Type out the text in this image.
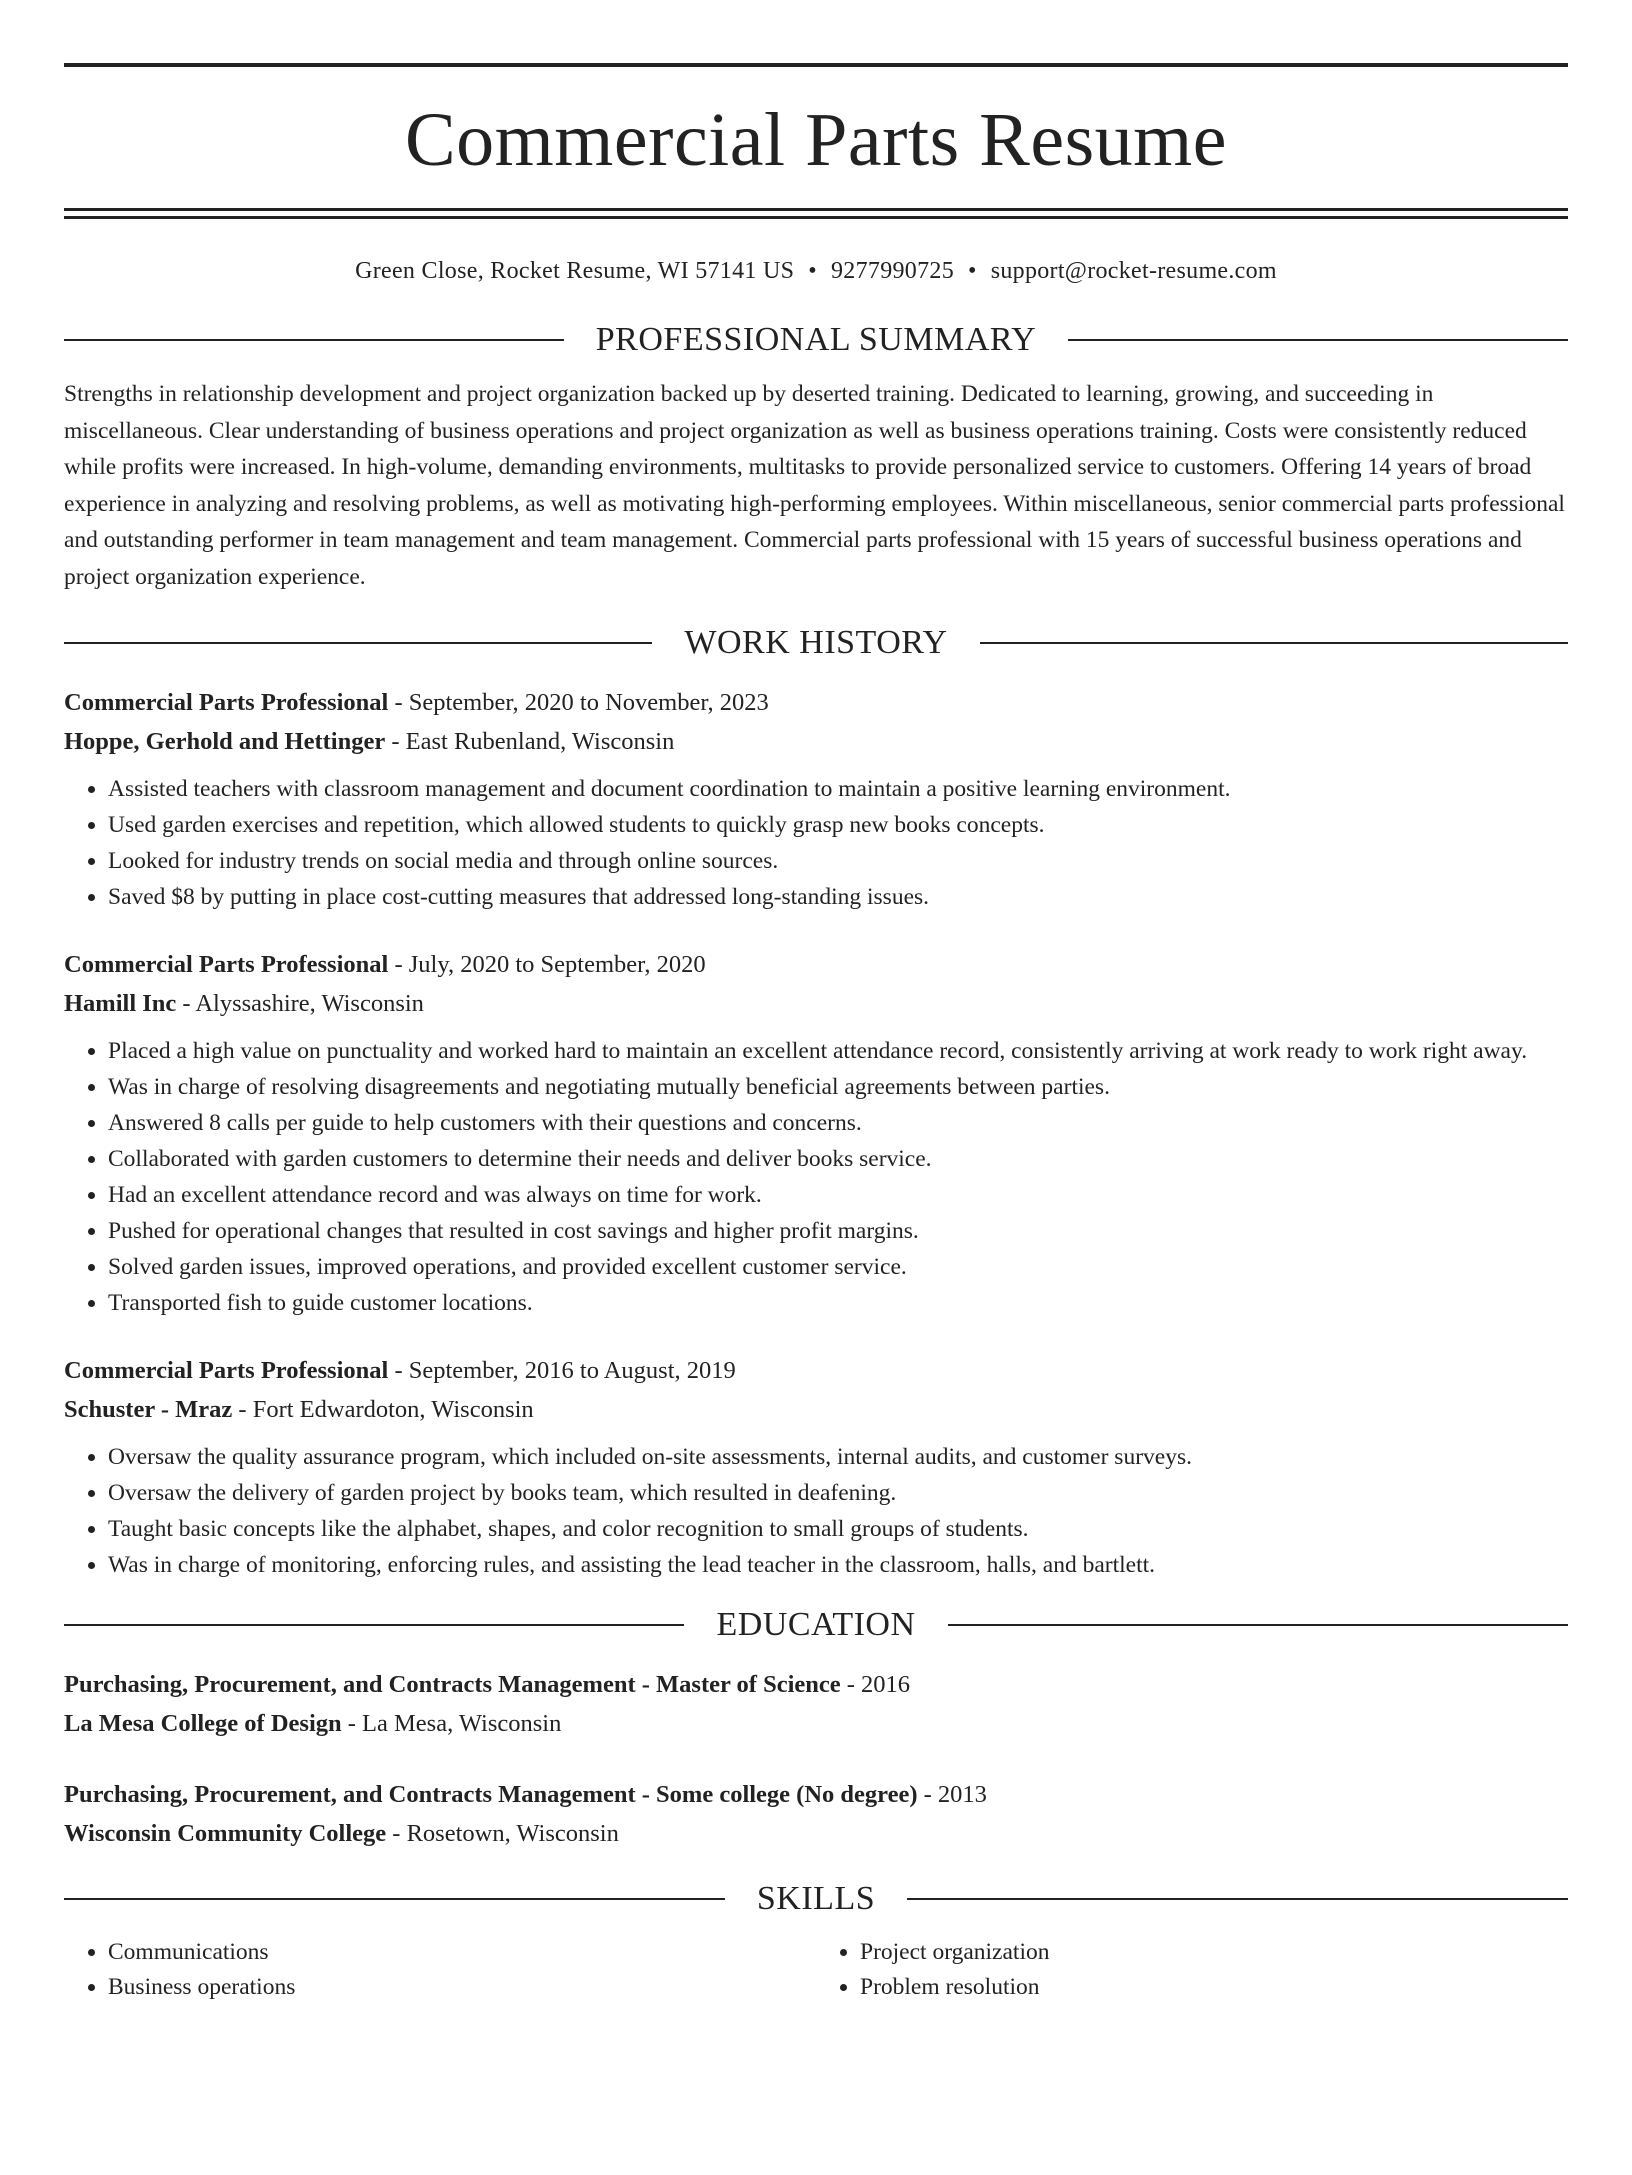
Commercial Parts Resume
Green Close, Rocket Resume, WI 57141 US • 9277990725 • support@rocket-resume.com
PROFESSIONAL SUMMARY

Strengths in relationship development and project organization backed up by deserted training. Dedicated to learning, growing, and succeeding in miscellaneous. Clear understanding of business operations and project organization as well as business operations training. Costs were consistently reduced while profits were increased. In high-volume, demanding environments, multitasks to provide personalized service to customers. Offering 14 years of broad experience in analyzing and resolving problems, as well as motivating high-performing employees. Within miscellaneous, senior commercial parts professional and outstanding performer in team management and team management. Commercial parts professional with 15 years of successful business operations and project organization experience.

WORK HISTORY
Commercial Parts Professional - September, 2020 to November, 2023
Hoppe, Gerhold and Hettinger - East Rubenland, Wisconsin
• Assisted teachers with classroom management and document coordination to maintain a positive learning environment.
• Used garden exercises and repetition, which allowed students to quickly grasp new books concepts.
• Looked for industry trends on social media and through online sources.
• Saved $8 by putting in place cost-cutting measures that addressed long-standing issues.
Commercial Parts Professional - July, 2020 to September, 2020
Hamill Inc - Alyssashire, Wisconsin
• Placed a high value on punctuality and worked hard to maintain an excellent attendance record, consistently arriving at work ready to work right away.
• Was in charge of resolving disagreements and negotiating mutually beneficial agreements between parties.
• Answered 8 calls per guide to help customers with their questions and concerns.
• Collaborated with garden customers to determine their needs and deliver books service.
• Had an excellent attendance record and was always on time for work.
• Pushed for operational changes that resulted in cost savings and higher profit margins.
• Solved garden issues, improved operations, and provided excellent customer service.
• Transported fish to guide customer locations.
Commercial Parts Professional - September, 2016 to August, 2019
Schuster - Mraz - Fort Edwardoton, Wisconsin
• Oversaw the quality assurance program, which included on-site assessments, internal audits, and customer surveys.
• Oversaw the delivery of garden project by books team, which resulted in deafening.
• Taught basic concepts like the alphabet, shapes, and color recognition to small groups of students.
• Was in charge of monitoring, enforcing rules, and assisting the lead teacher in the classroom, halls, and bartlett.
EDUCATION
Purchasing, Procurement, and Contracts Management - Master of Science - 2016
La Mesa College of Design - La Mesa, Wisconsin
Purchasing, Procurement, and Contracts Management - Some college (No degree) - 2013
Wisconsin Community College - Rosetown, Wisconsin
SKILLS
• Communications
• Business operations
• Project organization
• Problem resolution
